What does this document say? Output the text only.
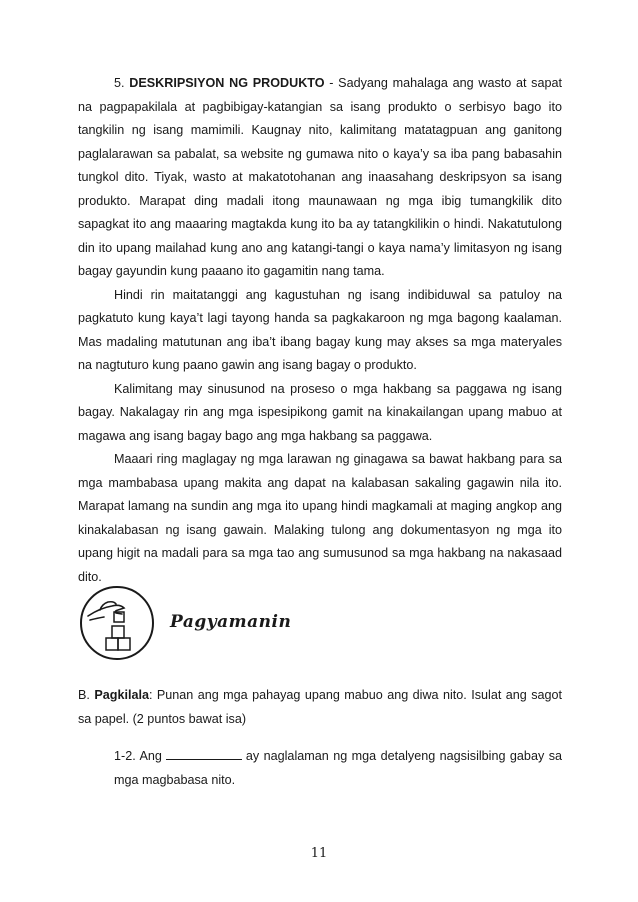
5. DESKRIPSIYON NG PRODUKTO - Sadyang mahalaga ang wasto at sapat na pagpapakilala at pagbibigay-katangian sa isang produkto o serbisyo bago ito tangkilin ng isang mamimili. Kaugnay nito, kalimitang matatagpuan ang ganitong paglalarawan sa pabalat, sa website ng gumawa nito o kaya’y sa iba pang babasahin tungkol dito. Tiyak, wasto at makatotohanan ang inaasahang deskripsyon sa isang produkto. Marapat ding madali itong maunawaan ng mga ibig tumangkilik dito sapagkat ito ang maaaring magtakda kung ito ba ay tatangkilikin o hindi. Nakatutulong din ito upang mailahad kung ano ang katangi-tangi o kaya nama’y limitasyon ng isang bagay gayundin kung paaano ito gagamitin nang tama.

Hindi rin maitatanggi ang kagustuhan ng isang indibiduwal sa patuloy na pagkatuto kung kaya’t lagi tayong handa sa pagkakaroon ng mga bagong kaalaman. Mas madaling matutunan ang iba’t ibang bagay kung may akses sa mga materyales na nagtuturo kung paano gawin ang isang bagay o produkto.

Kalimitang may sinusunod na proseso o mga hakbang sa paggawa ng isang bagay. Nakalagay rin ang mga ispesipikong gamit na kinakailangan upang mabuo at magawa ang isang bagay bago ang mga hakbang sa paggawa.

Maaari ring maglagay ng mga larawan ng ginagawa sa bawat hakbang para sa mga mambabasa upang makita ang dapat na kalabasan sakaling gagawin nila ito. Marapat lamang na sundin ang mga ito upang hindi magkamali at maging angkop ang kinakalabasan ng isang gawain. Malaking tulong ang dokumentasyon ng mga ito upang higit na madali para sa mga tao ang sumusunod sa mga hakbang na nakasaad dito.

Pagyamanin

B. Pagkilala: Punan ang mga pahayag upang mabuo ang diwa nito. Isulat ang sagot sa papel. (2 puntos bawat isa)

1-2. Ang	ay naglalaman ng mga detalyeng nagsisilbing gabay sa mga magbabasa nito.

11
